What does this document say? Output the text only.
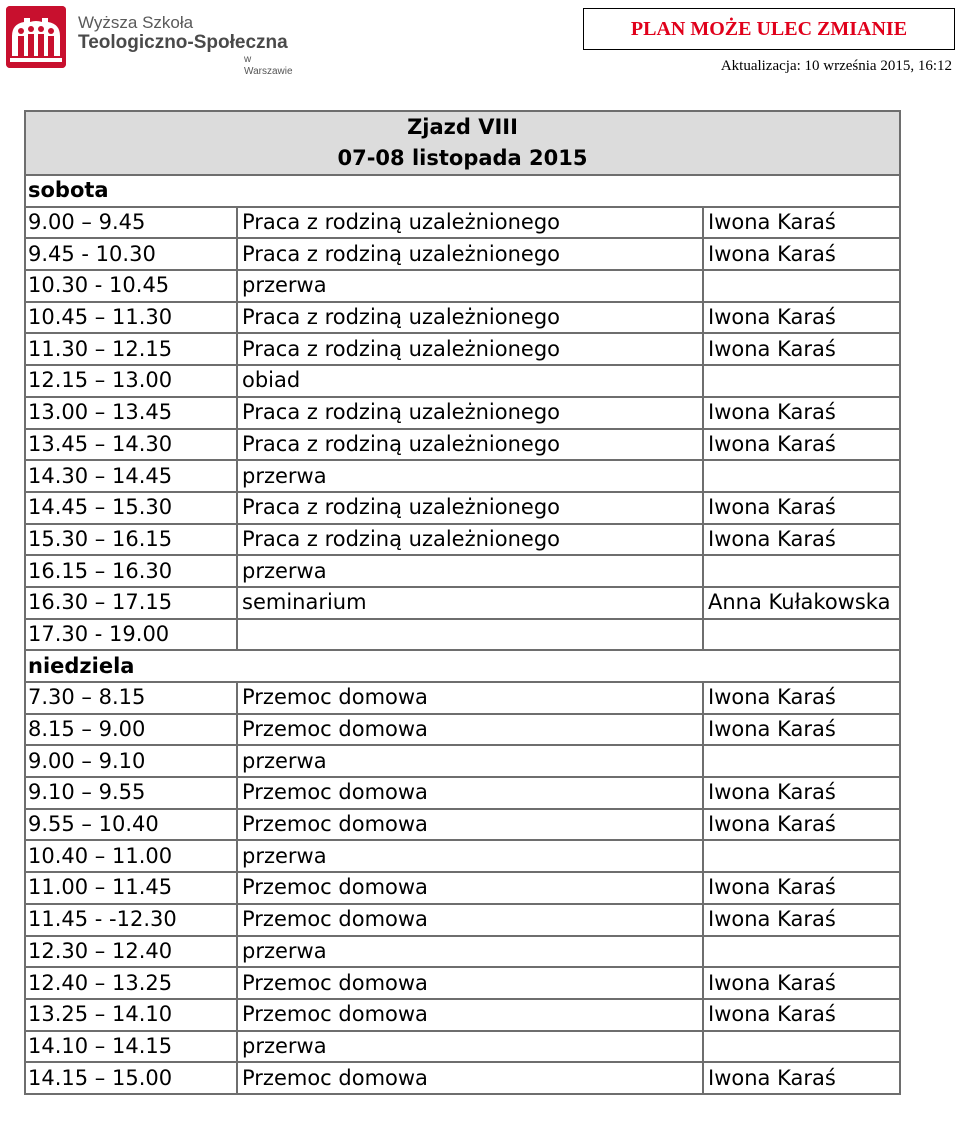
Wyższa Szkoła
Teologiczno-Społeczna
w Warszawie
PLAN MOŻE ULEC ZMIANIE
Aktualizacja: 10 września 2015, 16:12
Zjazd VIII
07-08 listopada 2015		

sobota		
9.00 – 9.45	Praca z rodziną uzależnionego	Iwona Karaś
9.45 - 10.30	Praca z rodziną uzależnionego	Iwona Karaś
10.30 - 10.45	przerwa	
10.45 – 11.30	Praca z rodziną uzależnionego	Iwona Karaś
11.30 – 12.15	Praca z rodziną uzależnionego	Iwona Karaś
12.15 – 13.00	obiad	
13.00 – 13.45	Praca z rodziną uzależnionego	Iwona Karaś
13.45 – 14.30	Praca z rodziną uzależnionego	Iwona Karaś
14.30 – 14.45	przerwa	
14.45 – 15.30	Praca z rodziną uzależnionego	Iwona Karaś
15.30 – 16.15	Praca z rodziną uzależnionego	Iwona Karaś
16.15 – 16.30	przerwa	
16.30 – 17.15	seminarium	Anna Kułakowska
17.30 - 19.00		
niedziela		
7.30 – 8.15	Przemoc domowa	Iwona Karaś
8.15 – 9.00	Przemoc domowa	Iwona Karaś
9.00 – 9.10	przerwa	
9.10 – 9.55	Przemoc domowa	Iwona Karaś
9.55 – 10.40	Przemoc domowa	Iwona Karaś
10.40 – 11.00	przerwa	
11.00 – 11.45	Przemoc domowa	Iwona Karaś
11.45 - -12.30	Przemoc domowa	Iwona Karaś
12.30 – 12.40	przerwa	
12.40 – 13.25	Przemoc domowa	Iwona Karaś
13.25 – 14.10	Przemoc domowa	Iwona Karaś
14.10 – 14.15	przerwa	
14.15 – 15.00	Przemoc domowa	Iwona Karaś
